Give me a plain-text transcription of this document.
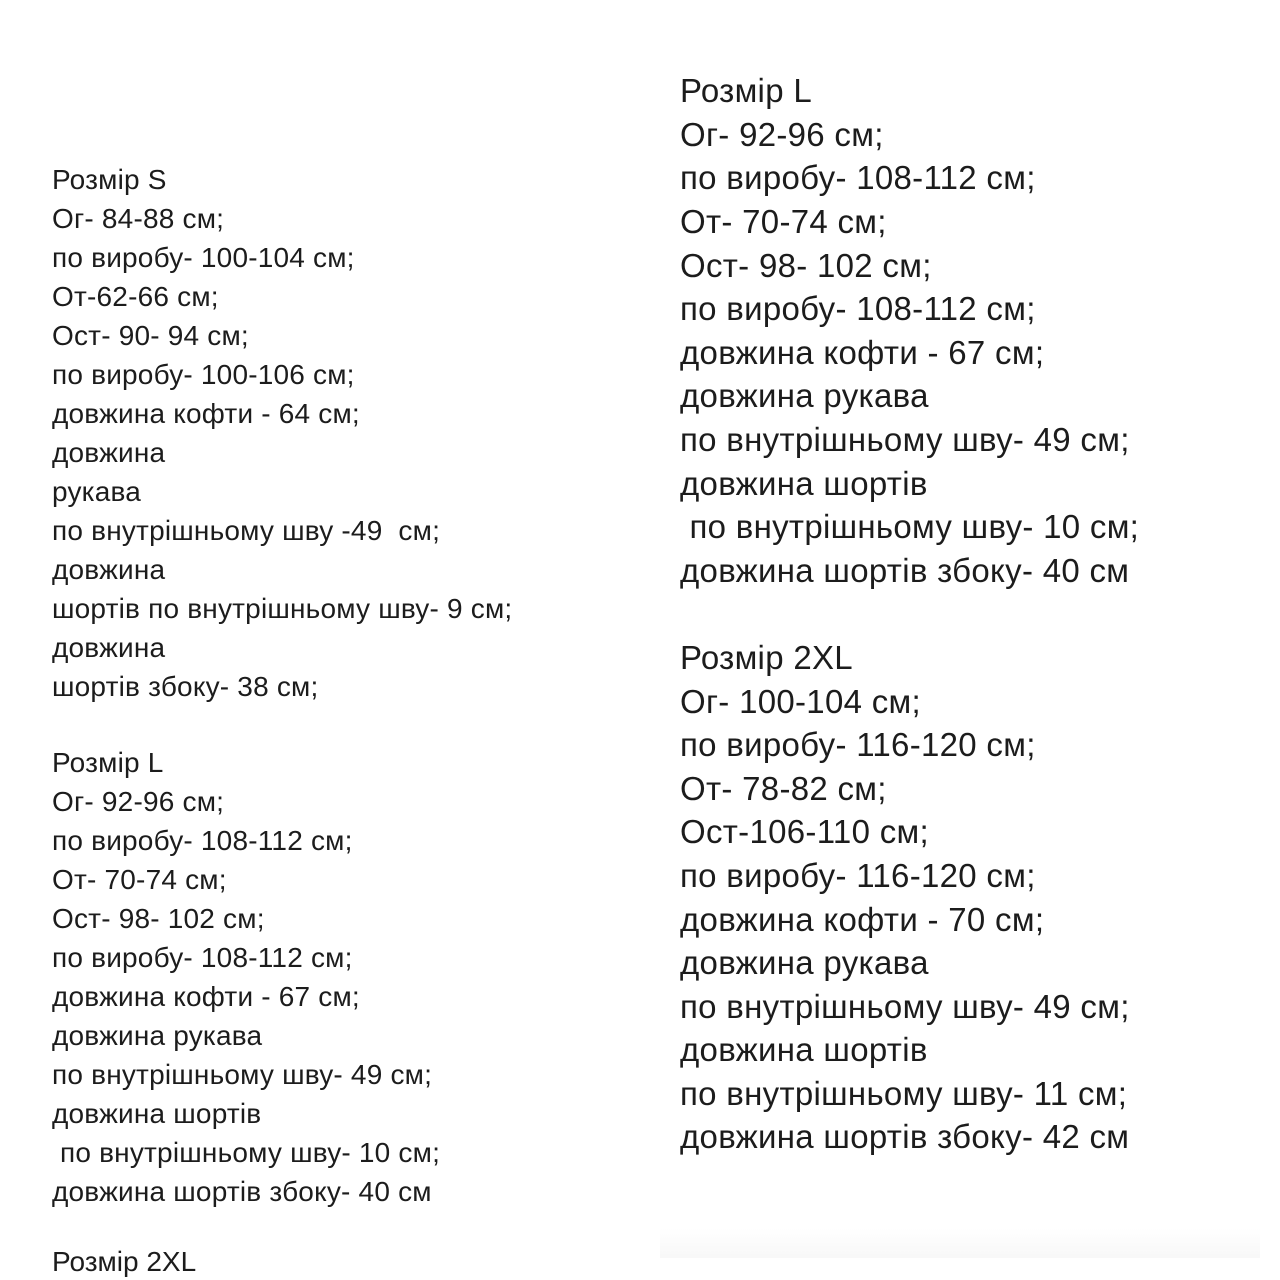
Розмір S

Ог- 84-88 см;

по виробу- 100-104 см;

От-62-66 см;

Ост- 90- 94 см;

по виробу- 100-106 см;

довжина кофти - 64 см;

довжина

рукава

по внутрішньому шву -49  см;

довжина

шортів по внутрішньому шву- 9 см;

довжина

шортів збоку- 38 см;

Розмір L

Ог- 92-96 см;

по виробу- 108-112 см;

От- 70-74 см;

Ост- 98- 102 см;

по виробу- 108-112 см;

довжина кофти - 67 см;

довжина рукава

по внутрішньому шву- 49 см;

довжина шортів

по внутрішньому шву- 10 см;

довжина шортів збоку- 40 см

Розмір 2XL

Розмір L

Ог- 92-96 см;

по виробу- 108-112 см;

От- 70-74 см;

Ост- 98- 102 см;

по виробу- 108-112 см;

довжина кофти - 67 см;

довжина рукава

по внутрішньому шву- 49 см;

довжина шортів

по внутрішньому шву- 10 см;

довжина шортів збоку- 40 см

Розмір 2XL

Ог- 100-104 см;

по виробу- 116-120 см;

От- 78-82 см;

Ост-106-110 см;

по виробу- 116-120 см;

довжина кофти - 70 см;

довжина рукава

по внутрішньому шву- 49 см;

довжина шортів

по внутрішньому шву- 11 см;

довжина шортів збоку- 42 см
